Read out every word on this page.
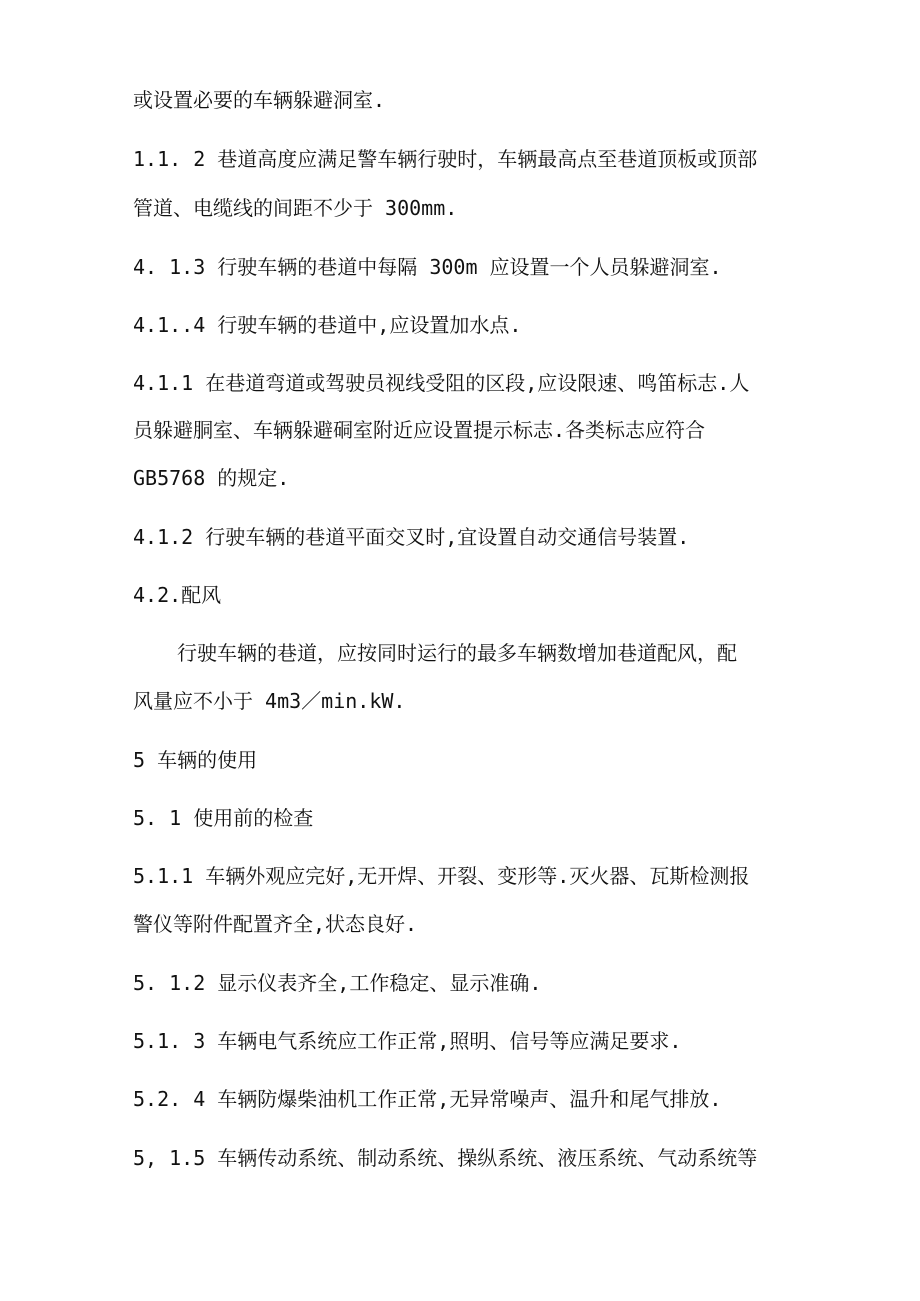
或设置必要的车辆躲避洞室.
1.1. 2 巷道高度应满足警车辆行驶时，车辆最高点至巷道顶板或顶部
管道、电缆线的间距不少于 300mm.
4. 1.3 行驶车辆的巷道中每隔 300m 应设置一个人员躲避洞室.
4.1..4 行驶车辆的巷道中,应设置加水点.
4.1.1 在巷道弯道或驾驶员视线受阻的区段,应设限速、鸣笛标志.人
员躲避胴室、车辆躲避硐室附近应设置提示标志.各类标志应符合
GB5768 的规定.
4.1.2 行驶车辆的巷道平面交叉时,宜设置自动交通信号装置.
4.2.配风
行驶车辆的巷道，应按同时运行的最多车辆数增加巷道配风，配
风量应不小于 4m3／min.kW.
5 车辆的使用
5. 1 使用前的检查
5.1.1 车辆外观应完好,无开焊、开裂、变形等.灭火器、瓦斯检测报
警仪等附件配置齐全,状态良好.
5. 1.2 显示仪表齐全,工作稳定、显示准确.
5.1. 3 车辆电气系统应工作正常,照明、信号等应满足要求.
5.2. 4 车辆防爆柴油机工作正常,无异常噪声、温升和尾气排放.
5, 1.5 车辆传动系统、制动系统、操纵系统、液压系统、气动系统等
